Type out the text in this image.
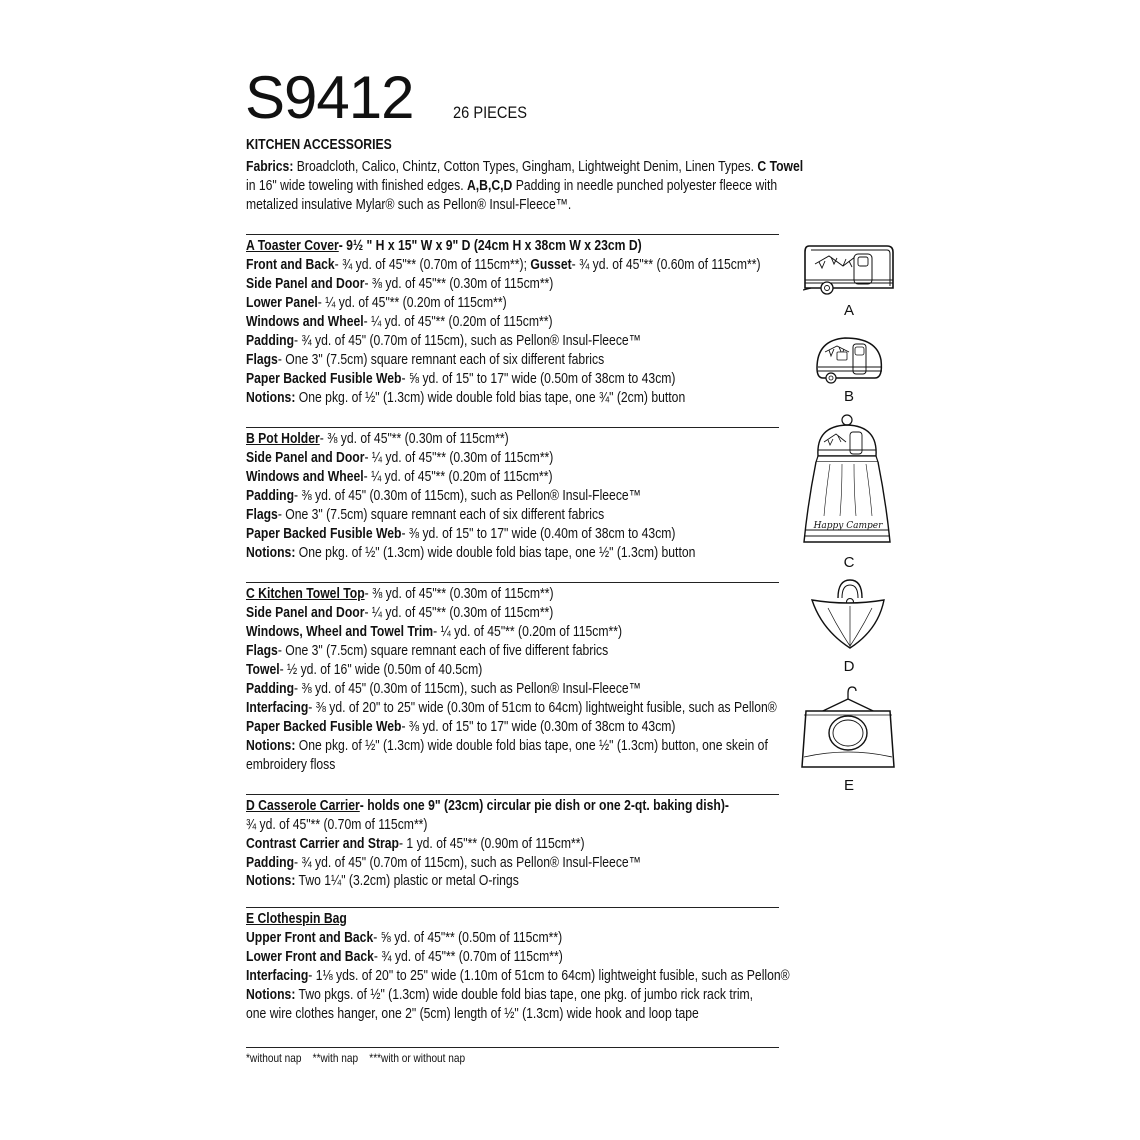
S9412 26 PIECES
KITCHEN ACCESSORIES
Fabrics: Broadcloth, Calico, Chintz, Cotton Types, Gingham, Lightweight Denim, Linen Types. C Towel
in 16" wide toweling with finished edges. A,B,C,D Padding in needle punched polyester fleece with
metalized insulative Mylar® such as Pellon® Insul-Fleece™.
A Toaster Cover- 9½ " H x 15" W x 9" D (24cm H x 38cm W x 23cm D)
Front and Back- ¾ yd. of 45"** (0.70m of 115cm**); Gusset- ¾ yd. of 45"** (0.60m of 115cm**)
Side Panel and Door- ⅜ yd. of 45"** (0.30m of 115cm**)
Lower Panel- ¼ yd. of 45"** (0.20m of 115cm**)
Windows and Wheel- ¼ yd. of 45"** (0.20m of 115cm**)
Padding- ¾ yd. of 45" (0.70m of 115cm), such as Pellon® Insul-Fleece™
Flags- One 3" (7.5cm) square remnant each of six different fabrics
Paper Backed Fusible Web- ⅝ yd. of 15" to 17" wide (0.50m of 38cm to 43cm)
Notions: One pkg. of ½" (1.3cm) wide double fold bias tape, one ¾" (2cm) button
B Pot Holder- ⅜ yd. of 45"** (0.30m of 115cm**)
Side Panel and Door- ¼ yd. of 45"** (0.30m of 115cm**)
Windows and Wheel- ¼ yd. of 45"** (0.20m of 115cm**)
Padding- ⅜ yd. of 45" (0.30m of 115cm), such as Pellon® Insul-Fleece™
Flags- One 3" (7.5cm) square remnant each of six different fabrics
Paper Backed Fusible Web- ⅜ yd. of 15" to 17" wide (0.40m of 38cm to 43cm)
Notions: One pkg. of ½" (1.3cm) wide double fold bias tape, one ½" (1.3cm) button
C Kitchen Towel Top- ⅜ yd. of 45"** (0.30m of 115cm**)
Side Panel and Door- ¼ yd. of 45"** (0.30m of 115cm**)
Windows, Wheel and Towel Trim- ¼ yd. of 45"** (0.20m of 115cm**)
Flags- One 3" (7.5cm) square remnant each of five different fabrics
Towel- ½ yd. of 16" wide (0.50m of 40.5cm)
Padding- ⅜ yd. of 45" (0.30m of 115cm), such as Pellon® Insul-Fleece™
Interfacing- ⅜ yd. of 20" to 25" wide (0.30m of 51cm to 64cm) lightweight fusible, such as Pellon®
Paper Backed Fusible Web- ⅜ yd. of 15" to 17" wide (0.30m of 38cm to 43cm)
Notions: One pkg. of ½" (1.3cm) wide double fold bias tape, one ½" (1.3cm) button, one skein of
embroidery floss
D Casserole Carrier- holds one 9" (23cm) circular pie dish or one 2-qt. baking dish)-
¾ yd. of 45"** (0.70m of 115cm**)
Contrast Carrier and Strap- 1 yd. of 45"** (0.90m of 115cm**)
Padding- ¾ yd. of 45" (0.70m of 115cm), such as Pellon® Insul-Fleece™
Notions: Two 1¼" (3.2cm) plastic or metal O-rings
E Clothespin Bag
Upper Front and Back- ⅝ yd. of 45"** (0.50m of 115cm**)
Lower Front and Back- ¾ yd. of 45"** (0.70m of 115cm**)
Interfacing- 1⅛ yds. of 20" to 25" wide (1.10m of 51cm to 64cm) lightweight fusible, such as Pellon®
Notions: Two pkgs. of ½" (1.3cm) wide double fold bias tape, one pkg. of jumbo rick rack trim,
one wire clothes hanger, one 2" (5cm) length of ½" (1.3cm) wide hook and loop tape
*without nap    **with nap    ***with or without nap
A
B
Happy Camper
C
D
E
